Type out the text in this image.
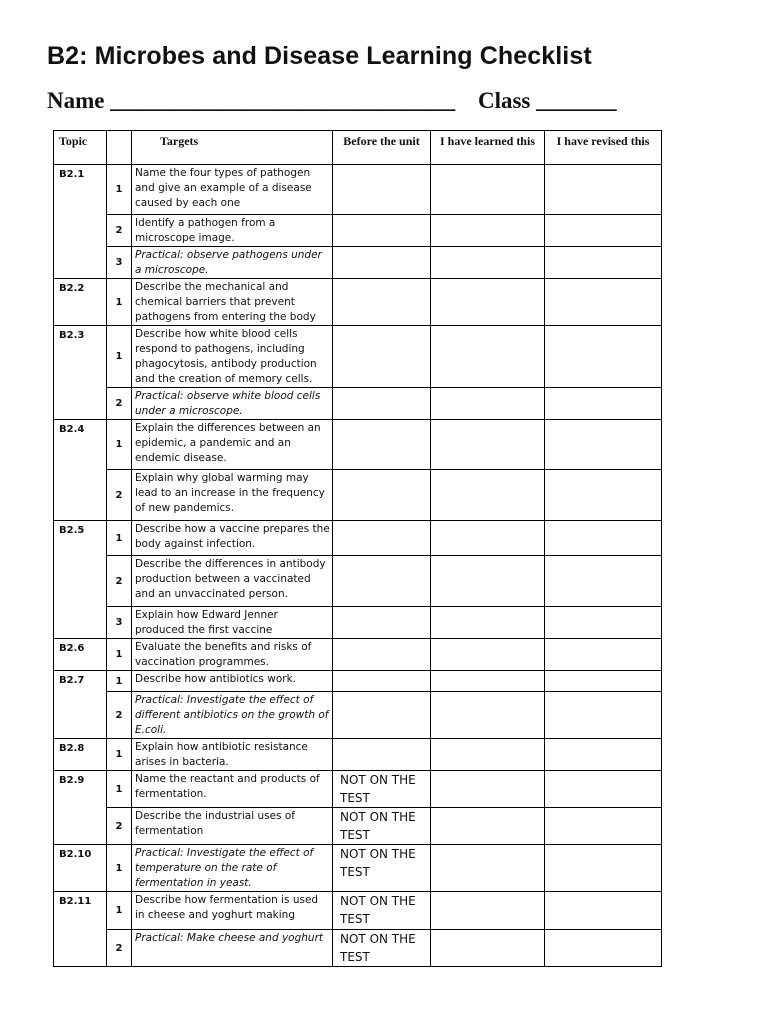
B2: Microbes and Disease Learning Checklist
Name ______________________________ Class _______
Topic		Targets	Before the unit	I have learned this	I have revised this
B2.1	1	Name the four types of pathogen and give an example of a disease caused by each one			
	2	Identify a pathogen from a microscope image.			
	3	Practical: observe pathogens under a microscope.			
B2.2	1	Describe the mechanical and chemical barriers that prevent pathogens from entering the body			
B2.3	1	Describe how white blood cells respond to pathogens, including phagocytosis, antibody production and the creation of memory cells.			
	2	Practical: observe white blood cells under a microscope.			
B2.4	1	Explain the differences between an epidemic, a pandemic and an endemic disease.			
	2	Explain why global warming may lead to an increase in the frequency of new pandemics.			
B2.5	1	Describe how a vaccine prepares the body against infection.			
	2	Describe the differences in antibody production between a vaccinated and an unvaccinated person.			
	3	Explain how Edward Jenner produced the first vaccine			
B2.6	1	Evaluate the benefits and risks of vaccination programmes.			
B2.7	1	Describe how antibiotics work.			
	2	Practical: Investigate the effect of different antibiotics on the growth of E.coli.			
B2.8	1	Explain how antibiotic resistance arises in bacteria.			
B2.9	1	Name the reactant and products of fermentation.	NOT ON THE TEST		
	2	Describe the industrial uses of fermentation	NOT ON THE TEST		
B2.10	1	Practical: Investigate the effect of temperature on the rate of fermentation in yeast.	NOT ON THE TEST		
B2.11	1	Describe how fermentation is used in cheese and yoghurt making	NOT ON THE TEST		
	2	Practical: Make cheese and yoghurt	NOT ON THE TEST		
